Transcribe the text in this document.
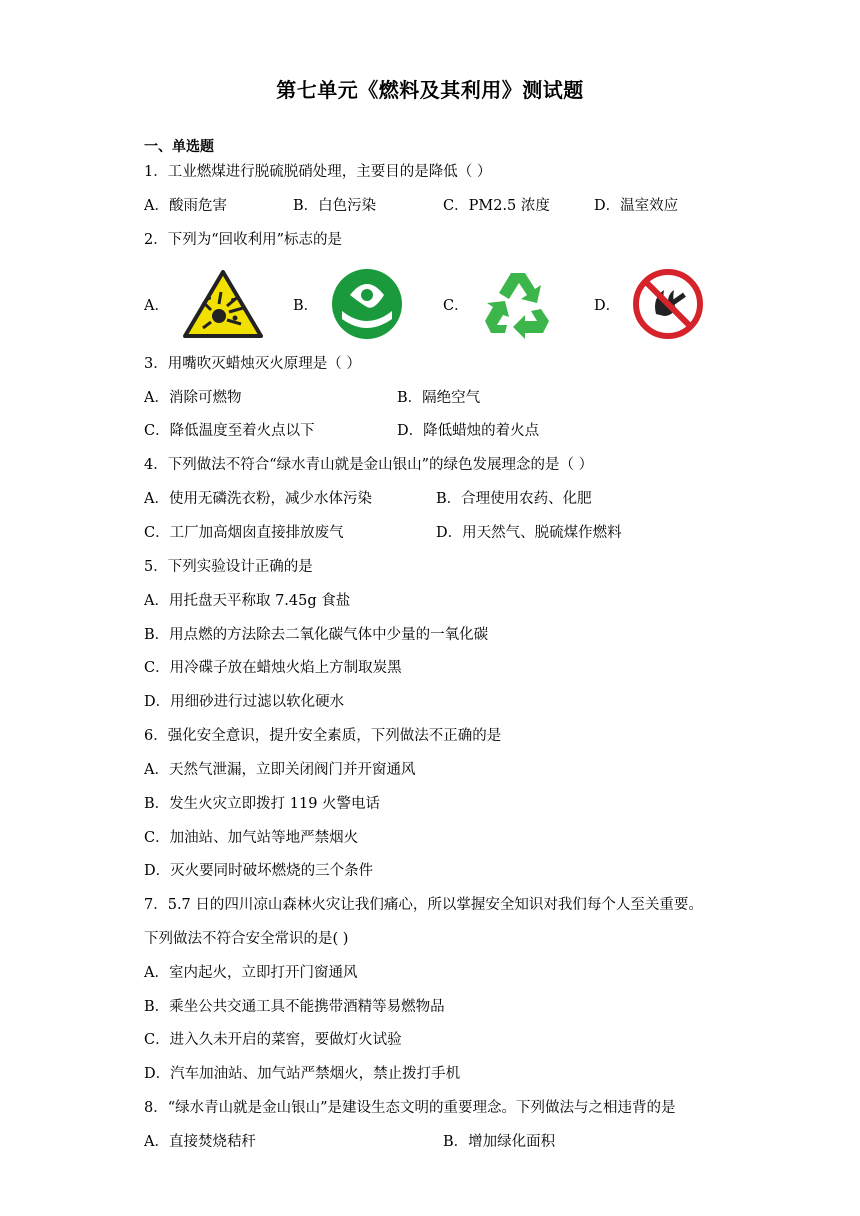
第七单元《燃料及其利用》测试题
一、单选题
1．工业燃煤进行脱硫脱硝处理，主要目的是降低（ ）
A．酸雨危害	B．白色污染	C．PM2.5 浓度	D．温室效应
2．下列为“回收利用”标志的是
A．	B．	C．	D．
3．用嘴吹灭蜡烛灭火原理是（ ）
A．消除可燃物	B．隔绝空气
C．降低温度至着火点以下	D．降低蜡烛的着火点
4．下列做法不符合“绿水青山就是金山银山”的绿色发展理念的是（ ）
A．使用无磷洗衣粉，减少水体污染	B．合理使用农药、化肥
C．工厂加高烟囱直接排放废气	D．用天然气、脱硫煤作燃料
5．下列实验设计正确的是
A．用托盘天平称取 7.45g 食盐
B．用点燃的方法除去二氧化碳气体中少量的一氧化碳
C．用冷碟子放在蜡烛火焰上方制取炭黑
D．用细砂进行过滤以软化硬水
6．强化安全意识，提升安全素质，下列做法不正确的是
A．天然气泄漏，立即关闭阀门并开窗通风
B．发生火灾立即拨打 119 火警电话
C．加油站、加气站等地严禁烟火
D．灭火要同时破坏燃烧的三个条件
7．5.7 日的四川凉山森林火灾让我们痛心，所以掌握安全知识对我们每个人至关重要。
下列做法不符合安全常识的是( )
A．室内起火，立即打开门窗通风
B．乘坐公共交通工具不能携带酒精等易燃物品
C．进入久未开启的菜窖，要做灯火试验
D．汽车加油站、加气站严禁烟火，禁止拨打手机
8．“绿水青山就是金山银山”是建设生态文明的重要理念。下列做法与之相违背的是
A．直接焚烧秸秆	B．增加绿化面积
